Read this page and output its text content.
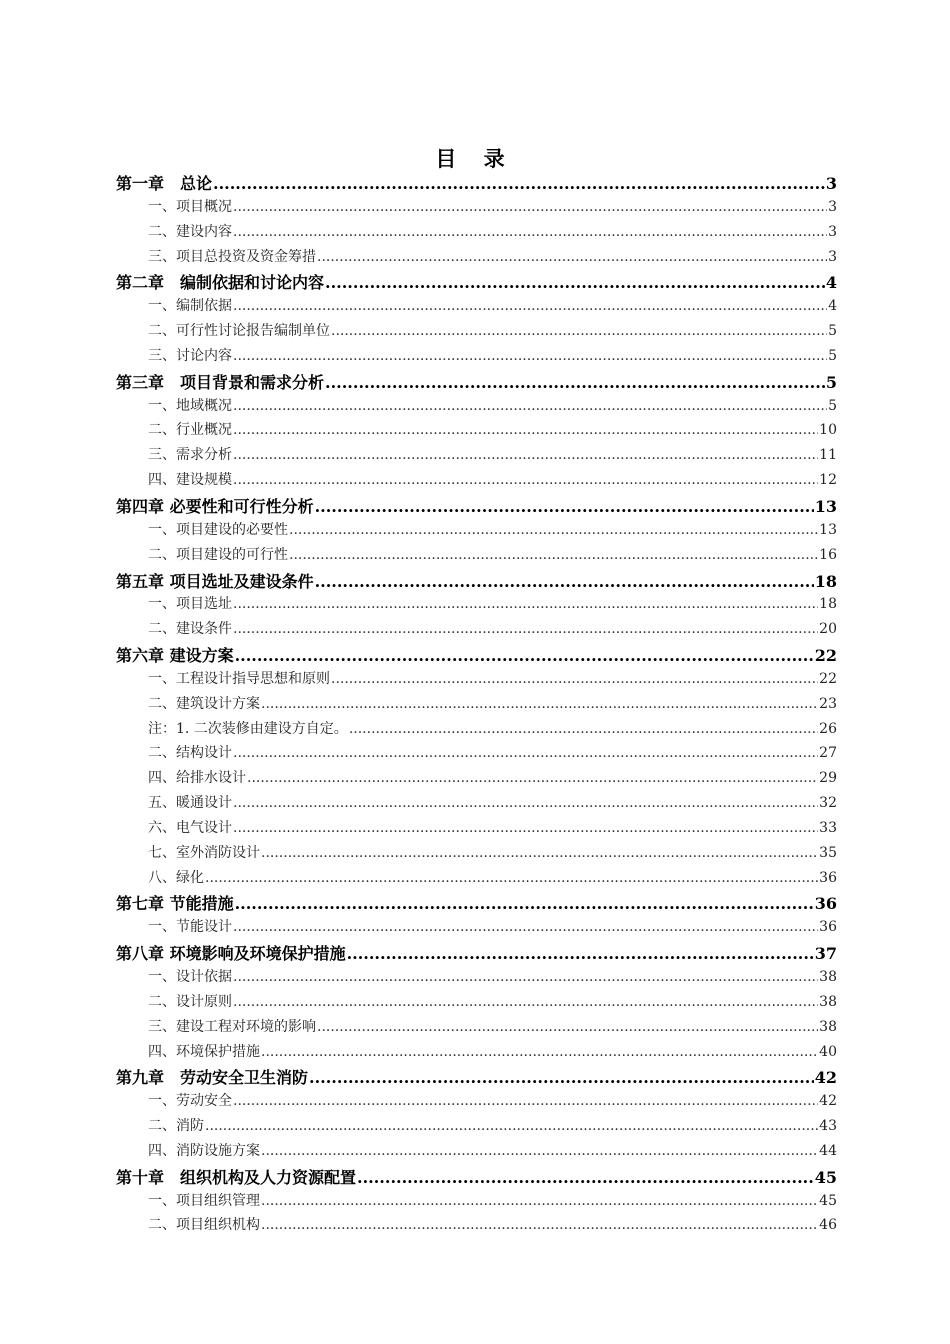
目 录
第一章　总论 .....	3
一、项目概况 .....	3
二、建设内容 .....	3
三、项目总投资及资金筹措 .....	3
第二章　编制依据和讨论内容 .....	4
一、编制依据 .....	4
二、可行性讨论报告编制单位 .....	5
三、讨论内容 .....	5
第三章　项目背景和需求分析 .....	5
一、地域概况 .....	5
二、行业概况 .....	10
三、需求分析 .....	11
四、建设规模 .....	12
第四章 必要性和可行性分析 .....	13
一、项目建设的必要性 .....	13
二、项目建设的可行性 .....	16
第五章 项目选址及建设条件 .....	18
一、项目选址 .....	18
二、建设条件 .....	20
第六章 建设方案 .....	22
一、工程设计指导思想和原则 .....	22
二、建筑设计方案 .....	23
注：1. 二次装修由建设方自定。 .....	26
二、结构设计 .....	27
四、给排水设计 .....	29
五、暖通设计 .....	32
六、电气设计 .....	33
七、室外消防设计 .....	35
八、绿化 .....	36
第七章 节能措施 .....	36
一、节能设计 .....	36
第八章 环境影响及环境保护措施 .....	37
一、设计依据 .....	38
二、设计原则 .....	38
三、建设工程对环境的影响 .....	38
四、环境保护措施 .....	40
第九章　劳动安全卫生消防 .....	42
一、劳动安全 .....	42
二、消防 .....	43
四、消防设施方案 .....	44
第十章　组织机构及人力资源配置 .....	45
一、项目组织管理 .....	45
二、项目组织机构 .....	46
